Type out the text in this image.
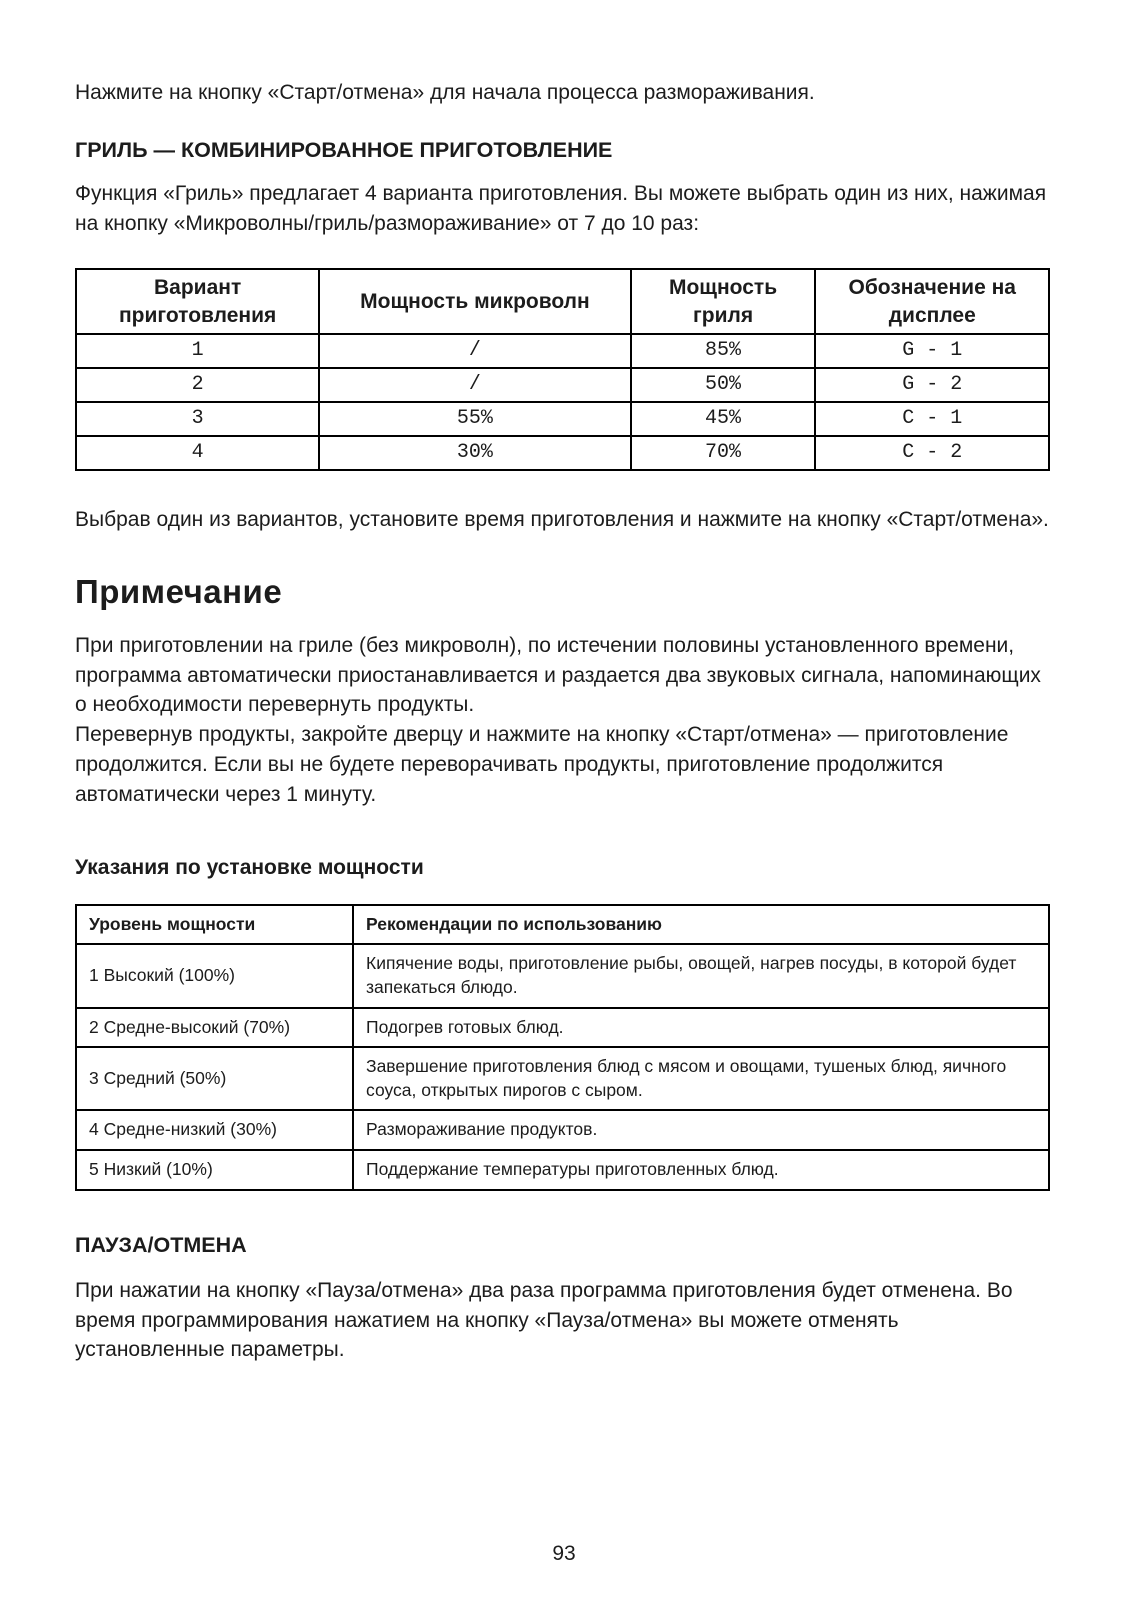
Нажмите на кнопку «Старт/отмена» для начала процесса размораживания.

ГРИЛЬ — КОМБИНИРОВАННОЕ ПРИГОТОВЛЕНИЕ

Функция «Гриль» предлагает 4 варианта приготовления. Вы можете выбрать один из них, нажимая на кнопку «Микроволны/гриль/размораживание» от 7 до 10 раз:

Вариант приготовления	Мощность микроволн	Мощность гриля	Обозначение на дисплее
1	/	85%	G - 1
2	/	50%	G - 2
3	55%	45%	C - 1
4	30%	70%	C - 2

Выбрав один из вариантов, установите время приготовления и нажмите на кнопку «Старт/отмена».

Примечание

При приготовлении на гриле (без микроволн), по истечении половины установленного времени, программа автоматически приостанавливается и раздается два звуковых сигнала, напоминающих о необходимости перевернуть продукты.

Перевернув продукты, закройте дверцу и нажмите на кнопку «Старт/отмена» — приготовление продолжится. Если вы не будете переворачивать продукты, приготовление продолжится автоматически через 1 минуту.

Указания по установке мощности
Уровень мощности	Рекомендации по использованию
1 Высокий (100%)	Кипячение воды, приготовление рыбы, овощей, нагрев посуды, в которой будет запекаться блюдо.
2 Средне-высокий (70%)	Подогрев готовых блюд.
3 Средний (50%)	Завершение приготовления блюд с мясом и овощами, тушеных блюд, яичного соуса, открытых пирогов с сыром.
4 Средне-низкий (30%)	Размораживание продуктов.
5 Низкий (10%)	Поддержание температуры приготовленных блюд.
ПАУЗА/ОТМЕНА

При нажатии на кнопку «Пауза/отмена» два раза программа приготовления будет отменена. Во время программирования нажатием на кнопку «Пауза/отмена» вы можете отменять установленные параметры.

93
